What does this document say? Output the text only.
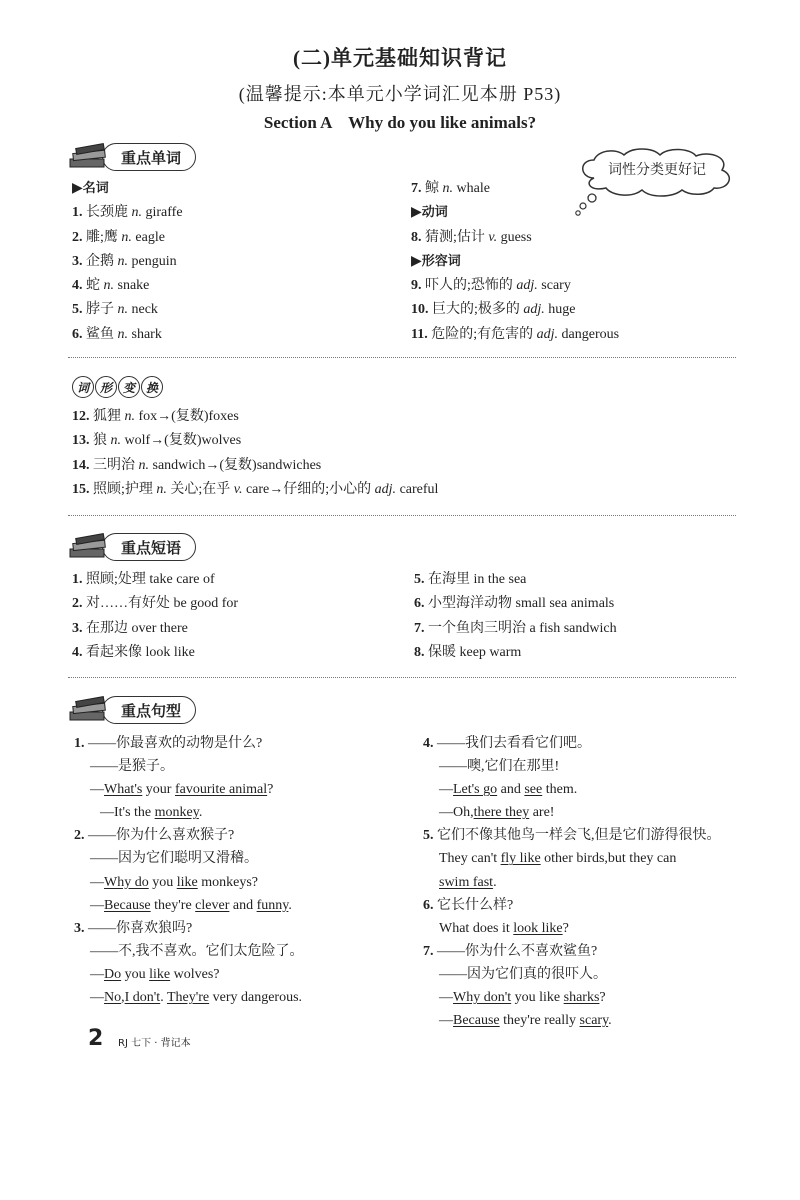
(二)单元基础知识背记
(温馨提示:本单元小学词汇见本册 P53)
Section A    Why do you like animals?
重点单词
词性分类更好记
▶名词
1. 长颈鹿 n. giraffe
2. 雕;鹰 n. eagle
3. 企鹅 n. penguin
4. 蛇 n. snake
5. 脖子 n. neck
6. 鲨鱼 n. shark
7. 鲸 n. whale
▶动词
8. 猜测;估计 v. guess
▶形容词
9. 吓人的;恐怖的 adj. scary
10. 巨大的;极多的 adj. huge
11. 危险的;有危害的 adj. dangerous
词 形 变 换
12. 狐狸 n. fox→(复数)foxes
13. 狼 n. wolf→(复数)wolves
14. 三明治 n. sandwich→(复数)sandwiches
15. 照顾;护理 n. 关心;在乎 v. care→仔细的;小心的 adj. careful
重点短语
1. 照顾;处理 take care of
2. 对……有好处 be good for
3. 在那边 over there
4. 看起来像 look like
5. 在海里 in the sea
6. 小型海洋动物 small sea animals
7. 一个鱼肉三明治 a fish sandwich
8. 保暖 keep warm
重点句型
1. ——你最喜欢的动物是什么?
——是猴子。
—What's your favourite animal?
—It's the monkey.
2. ——你为什么喜欢猴子?
——因为它们聪明又滑稽。
—Why do you like monkeys?
—Because they're clever and funny.
3. ——你喜欢狼吗?
——不,我不喜欢。它们太危险了。
—Do you like wolves?
—No,I don't. They're very dangerous.
4. ——我们去看看它们吧。
——噢,它们在那里!
—Let's go and see them.
—Oh,there they are!
5. 它们不像其他鸟一样会飞,但是它们游得很快。
They can't fly like other birds,but they can
swim fast.
6. 它长什么样?
What does it look like?
7. ——你为什么不喜欢鲨鱼?
——因为它们真的很吓人。
—Why don't you like sharks?
—Because they're really scary.
2 RJ 七下 · 背记本
